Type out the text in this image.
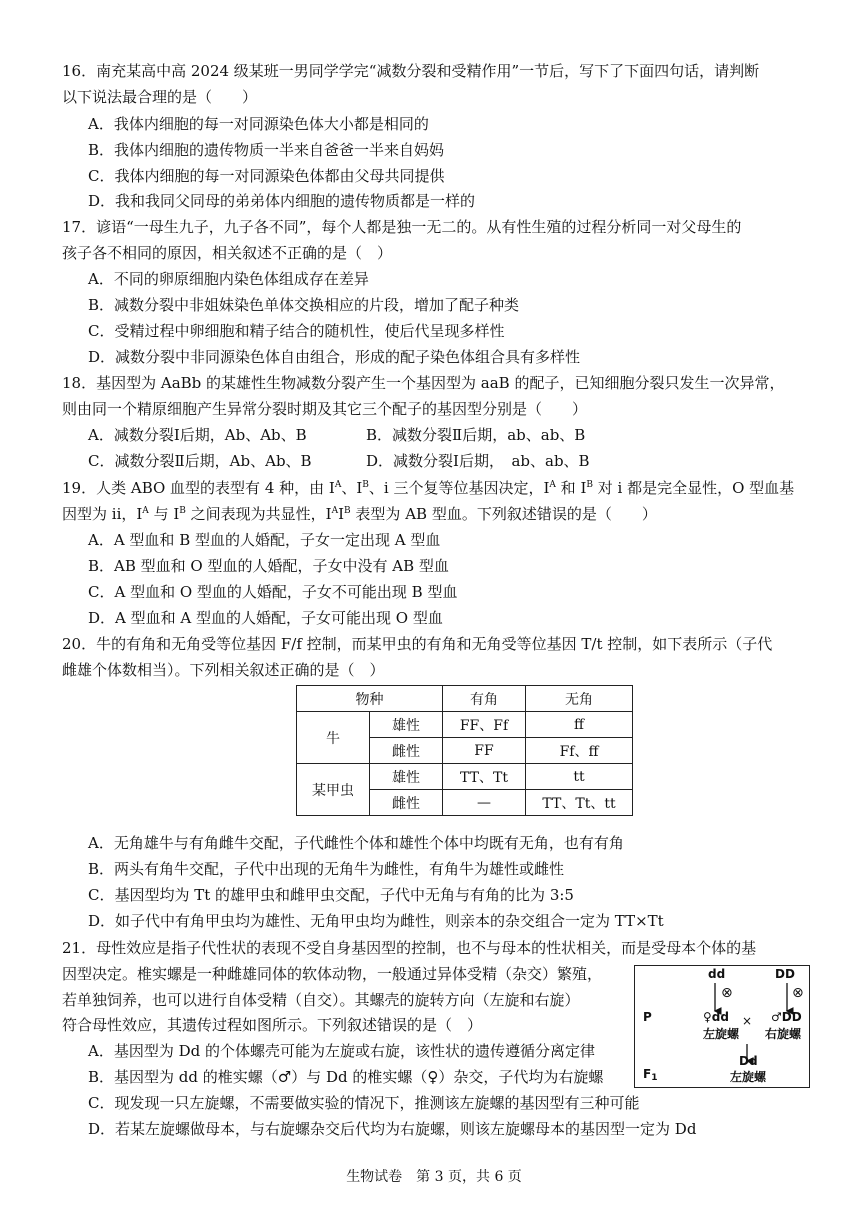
16．南充某高中高 2024 级某班一男同学学完“减数分裂和受精作用”一节后，写下了下面四句话，请判断
以下说法最合理的是（　　）
A．我体内细胞的每一对同源染色体大小都是相同的
B．我体内细胞的遗传物质一半来自爸爸一半来自妈妈
C．我体内细胞的每一对同源染色体都由父母共同提供
D．我和我同父同母的弟弟体内细胞的遗传物质都是一样的
17．谚语“一母生九子，九子各不同”，每个人都是独一无二的。从有性生殖的过程分析同一对父母生的
孩子各不相同的原因，相关叙述不正确的是（　）
A．不同的卵原细胞内染色体组成存在差异
B．减数分裂中非姐妹染色单体交换相应的片段，增加了配子种类
C．受精过程中卵细胞和精子结合的随机性，使后代呈现多样性
D．减数分裂中非同源染色体自由组合，形成的配子染色体组合具有多样性
18．基因型为 AaBb 的某雄性生物减数分裂产生一个基因型为 aaB 的配子，已知细胞分裂只发生一次异常，
则由同一个精原细胞产生异常分裂时期及其它三个配子的基因型分别是（　　）
A．减数分裂Ⅰ后期，Ab、Ab、B	B．减数分裂Ⅱ后期，ab、ab、B
C．减数分裂Ⅱ后期，Ab、Ab、B	D．减数分裂Ⅰ后期，　ab、ab、B
19．人类 ABO 血型的表型有 4 种，由 $I^A$、$I^B$、i 三个复等位基因决定，$I^A$ 和 $I^B$ 对 i 都是完全显性，O 型血基
因型为 ii，$I^A$ 与 $I^B$ 之间表现为共显性，$I^AI^B$ 表型为 AB 型血。下列叙述错误的是（　　）
A．A 型血和 B 型血的人婚配，子女一定出现 A 型血
B．AB 型血和 O 型血的人婚配，子女中没有 AB 型血
C．A 型血和 O 型血的人婚配，子女不可能出现 B 型血
D．A 型血和 A 型血的人婚配，子女可能出现 O 型血
20．牛的有角和无角受等位基因 F/f 控制，而某甲虫的有角和无角受等位基因 T/t 控制，如下表所示（子代
雌雄个体数相当）。下列相关叙述正确的是（　）
物种		有角	无角
牛	雄性	FF、Ff	ff
	雌性	FF	Ff、ff
某甲虫	雄性	TT、Tt	tt
	雌性	—	TT、Tt、tt
A．无角雄牛与有角雌牛交配，子代雌性个体和雄性个体中均既有无角，也有有角
B．两头有角牛交配，子代中出现的无角牛为雌性，有角牛为雄性或雌性
C．基因型均为 Tt 的雄甲虫和雌甲虫交配，子代中无角与有角的比为 3:5
D．如子代中有角甲虫均为雄性、无角甲虫均为雌性，则亲本的杂交组合一定为 TT×Tt
21．母性效应是指子代性状的表现不受自身基因型的控制，也不与母本的性状相关，而是受母本个体的基
因型决定。椎实螺是一种雌雄同体的软体动物，一般通过异体受精（杂交）繁殖，
若单独饲养，也可以进行自体受精（自交）。其螺壳的旋转方向（左旋和右旋）
符合母性效应，其遗传过程如图所示。下列叙述错误的是（　）
dd	DD
⊗	⊗
P	♀dd × ♂DD
左旋螺 右旋螺
Dd
F1	左旋螺
A．基因型为 Dd 的个体螺壳可能为左旋或右旋，该性状的遗传遵循分离定律
B．基因型为 dd 的椎实螺（♂）与 Dd 的椎实螺（♀）杂交，子代均为右旋螺
C．现发现一只左旋螺，不需要做实验的情况下，推测该左旋螺的基因型有三种可能
D．若某左旋螺做母本，与右旋螺杂交后代均为右旋螺，则该左旋螺母本的基因型一定为 Dd
生物试卷　第 3 页，共 6 页
